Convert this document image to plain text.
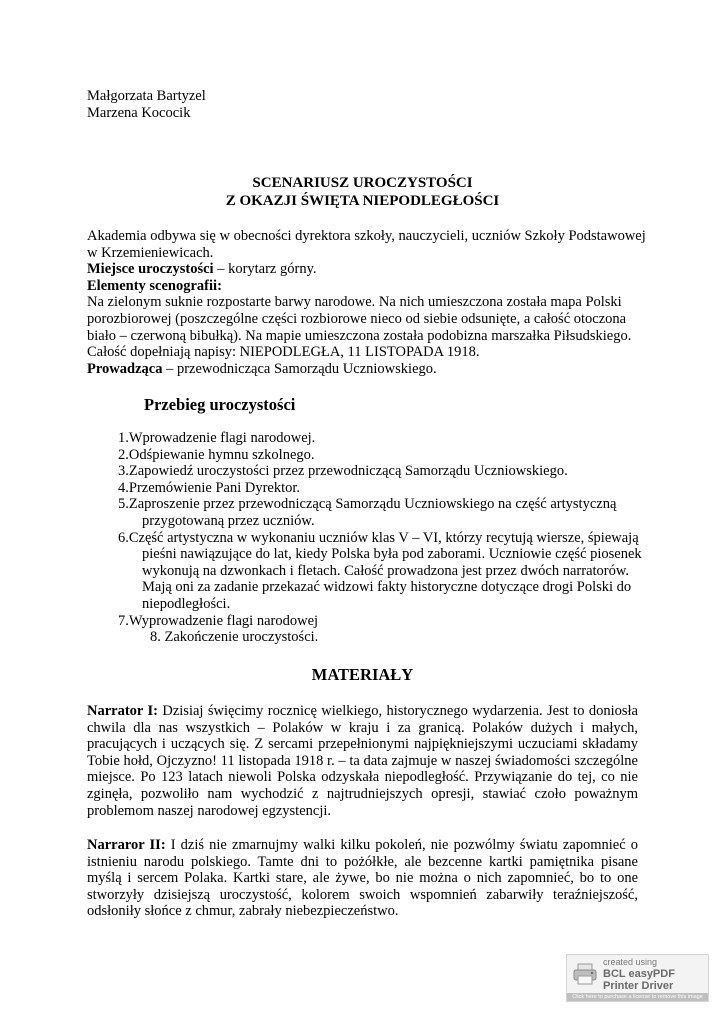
Małgorzata Bartyzel
Marzena Kococik
SCENARIUSZ UROCZYSTOŚCI
Z OKAZJI ŚWIĘTA NIEPODLEGŁOŚCI
Akademia odbywa się w obecności dyrektora szkoły, nauczycieli, uczniów Szkoły Podstawowej w Krzemieniewicach.
Miejsce uroczystości – korytarz górny.
Elementy scenografii:
Na zielonym suknie rozpostarte barwy narodowe. Na nich umieszczona została mapa Polski porozbiorowej (poszczególne części rozbiorowe nieco od siebie odsunięte, a całość otoczona biało – czerwoną bibułką). Na mapie umieszczona została podobizna marszałka Piłsudskiego. Całość dopełniają napisy: NIEPODLEGŁA, 11 LISTOPADA 1918.
Prowadząca – przewodnicząca Samorządu Uczniowskiego.
Przebieg uroczystości
1.Wprowadzenie flagi narodowej.
2.Odśpiewanie hymnu szkolnego.
3.Zapowiedź uroczystości przez przewodniczącą Samorządu Uczniowskiego.
4.Przemówienie Pani Dyrektor.
5.Zaproszenie przez przewodniczącą Samorządu Uczniowskiego na część artystyczną przygotowaną przez uczniów.
6.Część artystyczna w wykonaniu uczniów klas V – VI, którzy recytują wiersze, śpiewają pieśni nawiązujące do lat, kiedy Polska była pod zaborami. Uczniowie część piosenek wykonują na dzwonkach i fletach. Całość prowadzona jest przez dwóch narratorów. Mają oni za zadanie przekazać widzowi fakty historyczne dotyczące drogi Polski do niepodległości.
7.Wyprowadzenie flagi narodowej
8. Zakończenie uroczystości.
MATERIAŁY
Narrator I: Dzisiaj święcimy rocznicę wielkiego, historycznego wydarzenia. Jest to doniosła chwila dla nas wszystkich – Polaków w kraju i za granicą. Polaków dużych i małych, pracujących i uczących się. Z sercami przepełnionymi najpiękniejszymi uczuciami składamy Tobie hołd, Ojczyzno! 11 listopada 1918 r. – ta data zajmuje w naszej świadomości szczególne miejsce. Po 123 latach niewoli Polska odzyskała niepodległość. Przywiązanie do tej, co nie zginęła, pozwoliło nam wychodzić z najtrudniejszych opresji, stawiać czoło poważnym problemom naszej narodowej egzystencji.
Narraror II: I dziś nie zmarnujmy walki kilku pokoleń, nie pozwólmy światu zapomnieć o istnieniu narodu polskiego. Tamte dni to pożółkłe, ale bezcenne kartki pamiętnika pisane myślą i sercem Polaka. Kartki stare, ale żywe, bo nie można o nich zapomnieć, bo to one stworzyły dzisiejszą uroczystość, kolorem swoich wspomnień zabarwiły teraźniejszość, odsłoniły słońce z chmur, zabrały niebezpieczeństwo.
created using
BCL easyPDF
Printer Driver
Click here to purchase a license to remove this image
